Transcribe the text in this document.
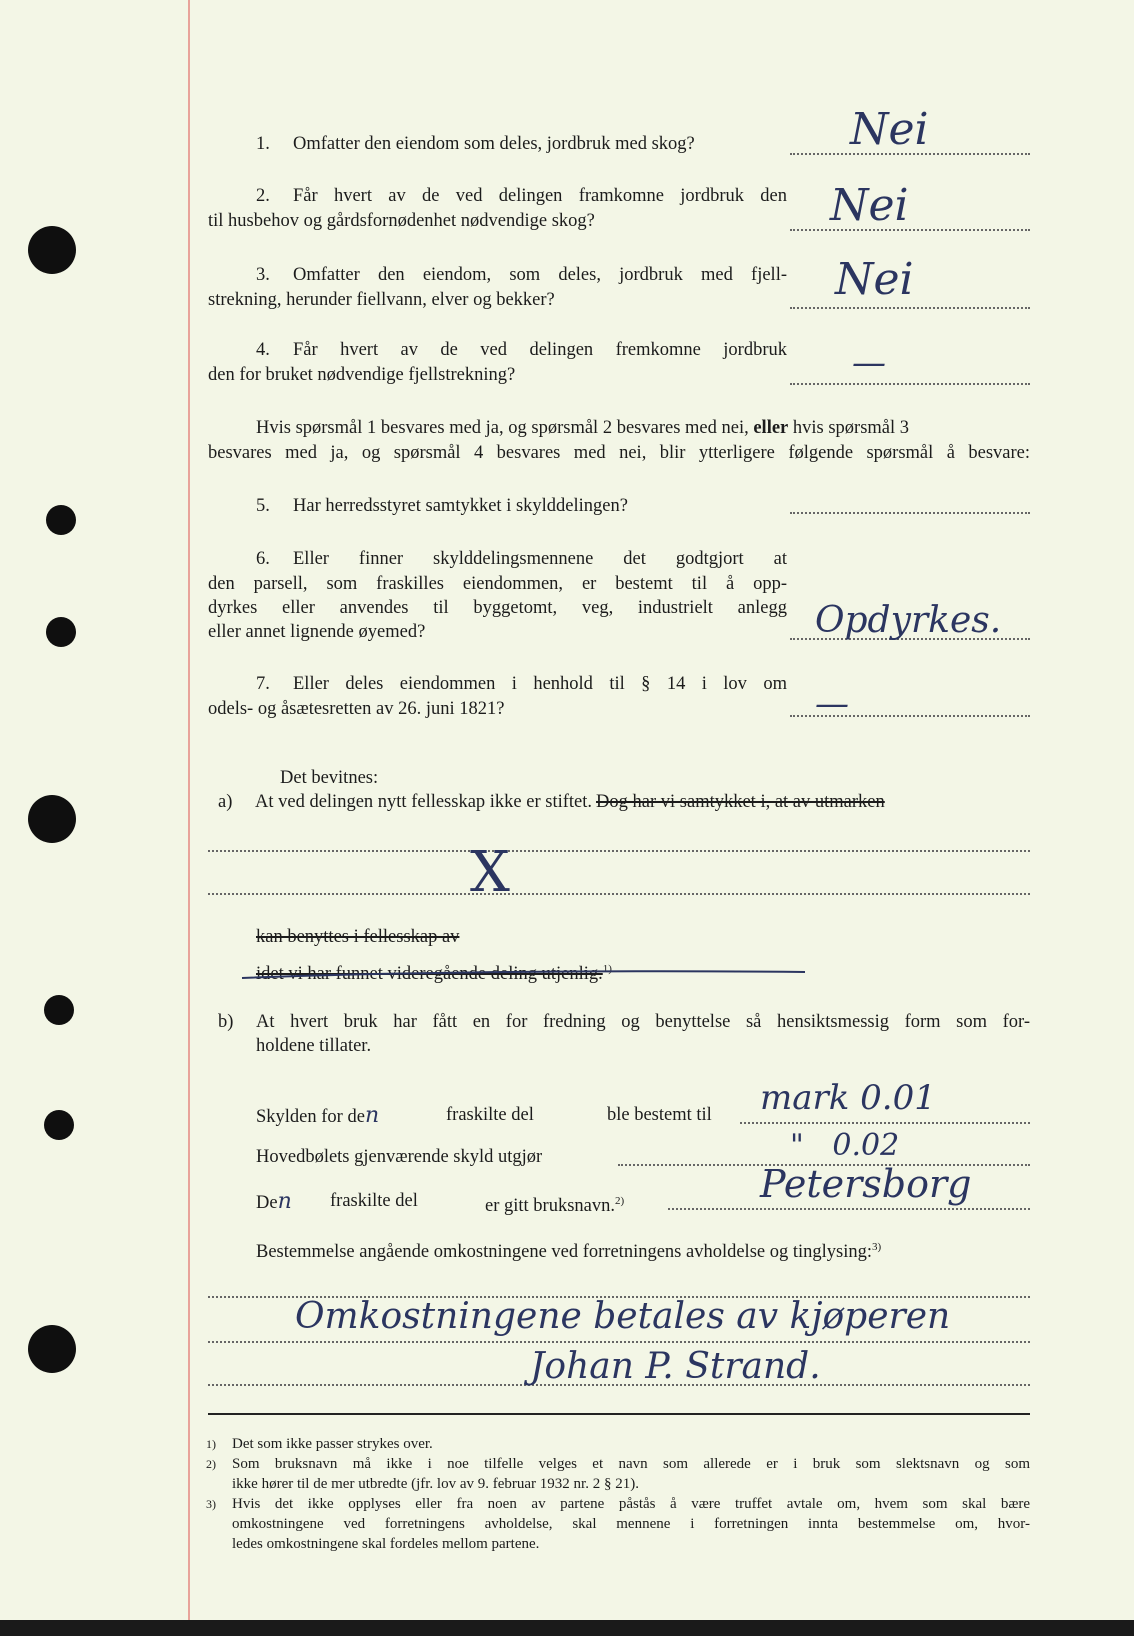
1. Omfatter den eiendom som deles, jordbruk med skog?	Nei
2. Får hvert av de ved delingen framkomne jordbruk den
til husbehov og gårdsfornødenhet nødvendige skog?	Nei
3. Omfatter den eiendom, som deles, jordbruk med fjell-
strekning, herunder fiellvann, elver og bekker?	Nei
4. Får hvert av de ved delingen fremkomne jordbruk
den for bruket nødvendige fjellstrekning?	—
Hvis spørsmål 1 besvares med ja, og spørsmål 2 besvares med nei, eller hvis spørsmål 3
besvares med ja, og spørsmål 4 besvares med nei, blir ytterligere følgende spørsmål å besvare:
5. Har herredsstyret samtykket i skylddelingen?
6. Eller finner skylddelingsmennene det godtgjort at
den parsell, som fraskilles eiendommen, er bestemt til å opp-
dyrkes eller anvendes til byggetomt, veg, industrielt anlegg
eller annet lignende øyemed?	Opdyrkes.
7. Eller deles eiendommen i henhold til § 14 i lov om
odels- og åsætesretten av 26. juni 1821?	—
Det bevitnes:
a) At ved delingen nytt fellesskap ikke er stiftet. Dog har vi samtykket i, at av utmarken
X
kan benyttes i fellesskap av
idet vi har funnet videregående deling utjenlig.$^{1)}$
b) At hvert bruk har fått en for fredning og benyttelse så hensiktsmessig form som for-
holdene tillater.
Skylden for den	fraskilte del	ble bestemt til mark 0.01
Hovedbølets gjenværende skyld utgjør	"   0.02
Den fraskilte del	er gitt bruksnavn.$^{2)}$	Petersborg
Bestemmelse angående omkostningene ved forretningens avholdelse og tinglysing:$^{3)}$
Omkostningene betales av kjøperen
Johan P. Strand.
1) Det som ikke passer strykes over.
2) Som bruksnavn må ikke i noe tilfelle velges et navn som allerede er i bruk som slektsnavn og som
ikke hører til de mer utbredte (jfr. lov av 9. februar 1932 nr. 2 § 21).
3) Hvis det ikke opplyses eller fra noen av partene påstås å være truffet avtale om, hvem som skal bære
omkostningene ved forretningens avholdelse, skal mennene i forretningen innta bestemmelse om, hvor-
ledes omkostningene skal fordeles mellom partene.
